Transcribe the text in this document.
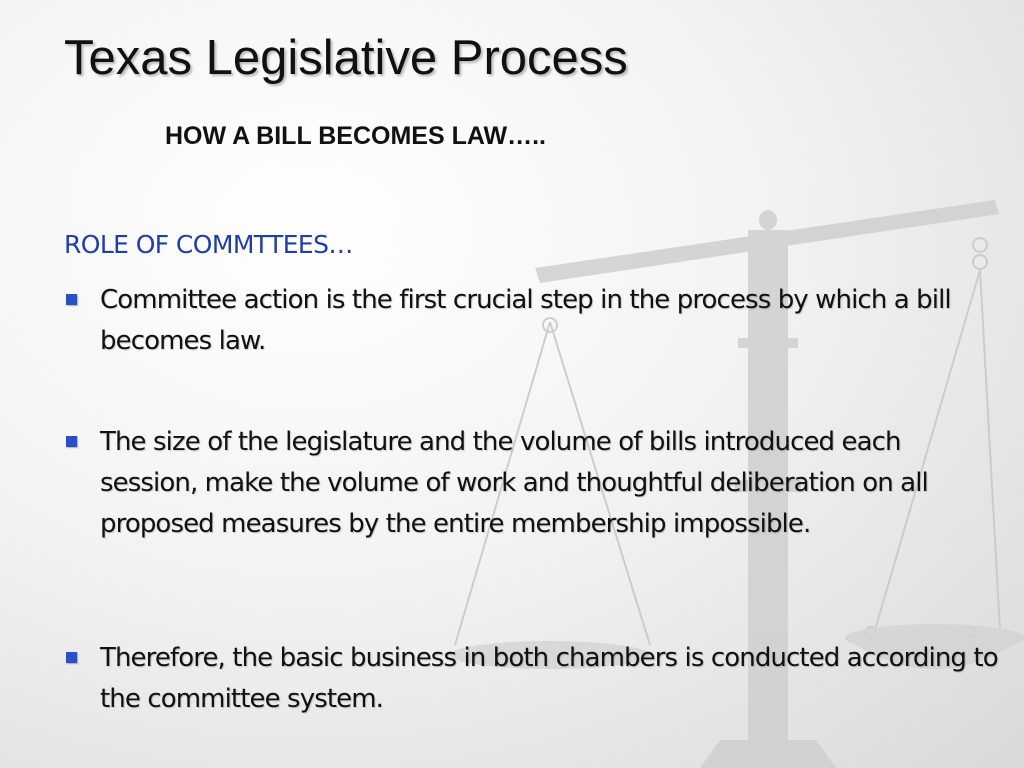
Texas Legislative Process
HOW A BILL BECOMES LAW…..
ROLE OF COMMTTEES…
Committee action is the first crucial step in the process by which a bill becomes law.
The size of the legislature and the volume of bills introduced each session, make the volume of work and thoughtful deliberation on all proposed measures by the entire membership impossible.
Therefore, the basic business in both chambers is conducted according to the committee system.
